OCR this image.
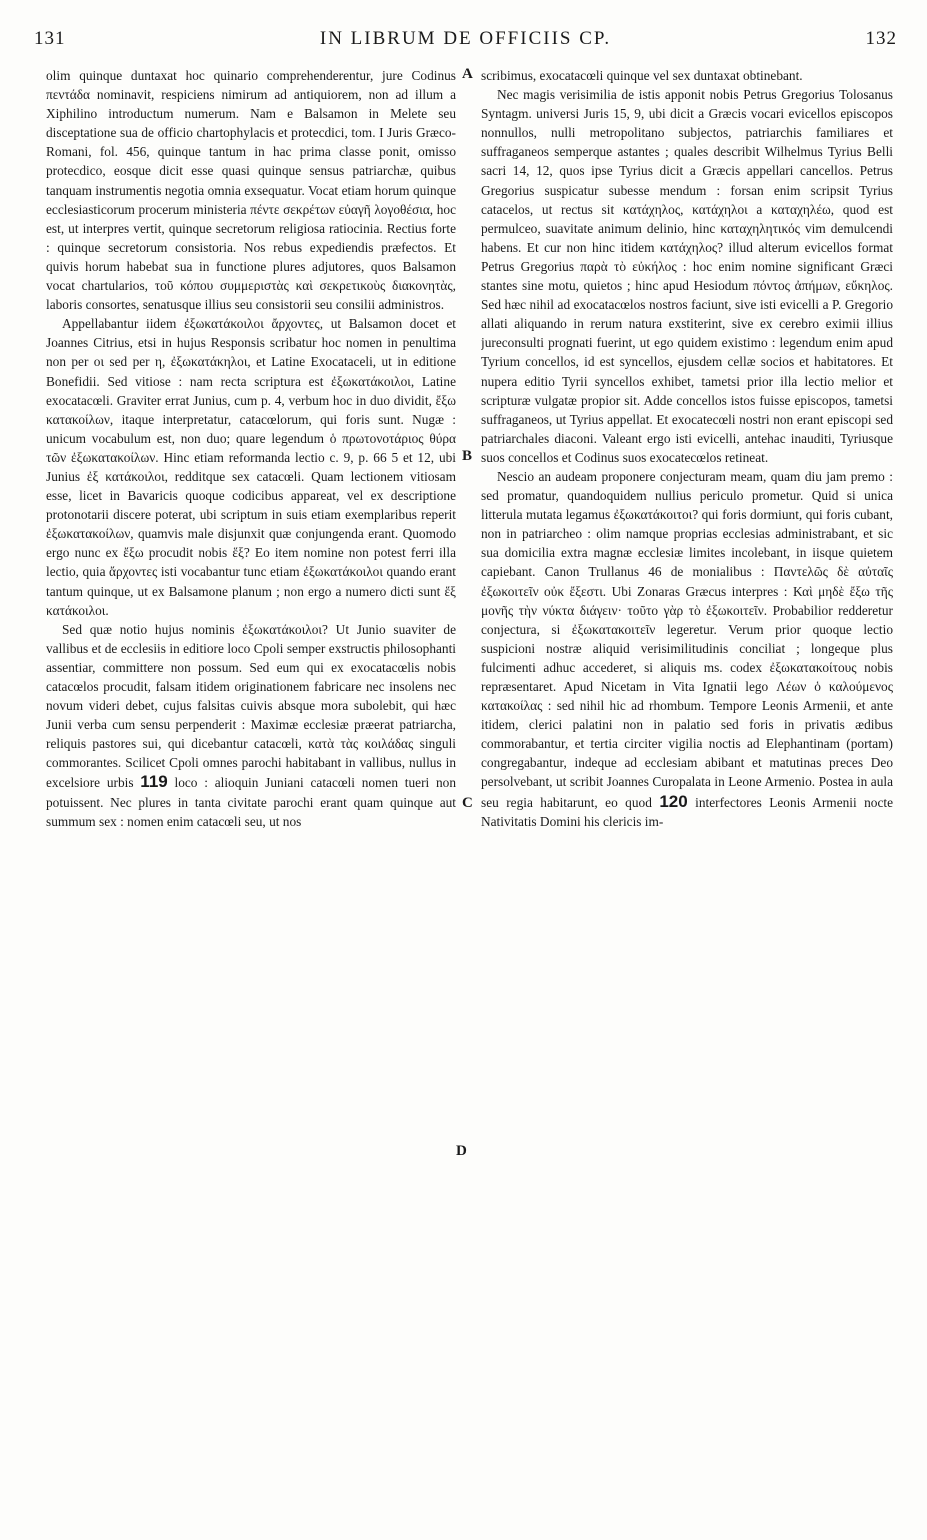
131	IN LIBRUM DE OFFICIIS CP.	132

olim quinque duntaxat hoc quinario comprehenderentur, jure Codinus πεντάδα nominavit, respiciens nimirum ad antiquiorem, non ad illum a Xiphilino introductum numerum. Nam e Balsamon in Melete seu disceptatione sua de officio chartophylacis et protecdici, tom. I Juris Græco-Romani, fol. 456, quinque tantum in hac prima classe ponit, omisso protecdico, eosque dicit esse quasi quinque sensus patriarchæ, quibus tanquam instrumentis negotia omnia exsequatur. Vocat etiam horum quinque ecclesiasticorum procerum ministeria πέντε σεκρέτων εὐαγῆ λογοθέσια, hoc est, ut interpres vertit, quinque secretorum religiosa ratiocinia. Rectius forte : quinque secretorum consistoria. Nos rebus expediendis præfectos. Et quivis horum habebat sua in functione plures adjutores, quos Balsamon vocat chartularios, τοῦ κόπου συμμεριστὰς καὶ σεκρετικοὺς διακονητὰς, laboris consortes, senatusque illius seu consistorii seu consilii administros.

Appellabantur iidem ἐξωκατάκοιλοι ἄρχοντες, ut Balsamon docet et Joannes Citrius, etsi in hujus Responsis scribatur hoc nomen in penultima non per οι sed per η, ἐξωκατάκηλοι, et Latine Exocataceli, ut in editione Bonefidii. Sed vitiose : nam recta scriptura est ἐξωκατάκοιλοι, Latine exocatacœli. Graviter errat Junius, cum p. 4, verbum hoc in duo dividit, ἔξω κατακοίλων, itaque interpretatur, catacœlorum, qui foris sunt. Nugæ : unicum vocabulum est, non duo; quare legendum ὁ πρωτονοτάριος θύρα τῶν ἐξωκατακοίλων. Hinc etiam reformanda lectio c. 9, p. 66 5 et 12, ubi Junius ἐξ κατάκοιλοι, redditque sex catacœli. Quam lectionem vitiosam esse, licet in Bavaricis quoque codicibus appareat, vel ex descriptione protonotarii discere poterat, ubi scriptum in suis etiam exemplaribus reperit ἐξωκατακοίλων, quamvis male disjunxit quæ conjungenda erant. Quomodo ergo nunc ex ἔξω procudit nobis ἕξ? Eo item nomine non potest ferri illa lectio, quia ἄρχοντες isti vocabantur tunc etiam ἐξωκατάκοιλοι quando erant tantum quinque, ut ex Balsamone planum ; non ergo a numero dicti sunt ἕξ κατάκοιλοι.

Sed quæ notio hujus nominis ἐξωκατάκοιλοι? Ut Junio suaviter de vallibus et de ecclesiis in editiore loco Cpoli semper exstructis philosophanti assentiar, committere non possum. Sed eum qui ex exocatacœlis nobis catacœlos procudit, falsam itidem originationem fabricare nec insolens nec novum videri debet, cujus falsitas cuivis absque mora subolebit, qui hæc Junii verba cum sensu perpenderit : Maximæ ecclesiæ præerat patriarcha, reliquis pastores sui, qui dicebantur catacœli, κατὰ τὰς κοιλάδας singuli commorantes. Scilicet Cpoli omnes parochi habitabant in vallibus, nullus in excelsiore urbis 119 loco : alioquin Juniani catacœli nomen tueri non potuissent. Nec plures in tanta civitate parochi erant quam quinque aut summum sex : nomen enim catacœli seu, ut nos

scribimus, exocatacœli quinque vel sex duntaxat obtinebant.

Nec magis verisimilia de istis apponit nobis Petrus Gregorius Tolosanus Syntagm. universi Juris 15, 9, ubi dicit a Græcis vocari evicellos episcopos nonnullos, nulli metropolitano subjectos, patriarchis familiares et suffraganeos semperque astantes ; quales describit Wilhelmus Tyrius Belli sacri 14, 12, quos ipse Tyrius dicit a Græcis appellari cancellos. Petrus Gregorius suspicatur subesse mendum : forsan enim scripsit Tyrius catacelos, ut rectus sit κατάχηλος, κατάχηλοι a καταχηλέω, quod est permulceo, suavitate animum delinio, hinc καταχηλητικός vim demulcendi habens. Et cur non hinc itidem κατάχηλος? illud alterum evicellos format Petrus Gregorius παρὰ τὸ εὐκήλος : hoc enim nomine significant Græci stantes sine motu, quietos ; hinc apud Hesiodum πόντος ἀπήμων, εὔκηλος. Sed hæc nihil ad exocatacœlos nostros faciunt, sive isti evicelli a P. Gregorio allati aliquando in rerum natura exstiterint, sive ex cerebro eximii illius jureconsulti prognati fuerint, ut ego quidem existimo : legendum enim apud Tyrium concellos, id est syncellos, ejusdem cellæ socios et habitatores. Et nupera editio Tyrii syncellos exhibet, tametsi prior illa lectio melior et scripturæ vulgatæ propior sit. Adde concellos istos fuisse episcopos, tametsi suffraganeos, ut Tyrius appellat. Et exocatecœli nostri non erant episcopi sed patriarchales diaconi. Valeant ergo isti evicelli, antehac inauditi, Tyriusque suos concellos et Codinus suos exocatecœlos retineat.

Nescio an audeam proponere conjecturam meam, quam diu jam premo : sed promatur, quandoquidem nullius periculo prometur. Quid si unica litterula mutata legamus ἐξωκατάκοιτοι? qui foris dormiunt, qui foris cubant, non in patriarcheo : olim namque proprias ecclesias administrabant, et sic sua domicilia extra magnæ ecclesiæ limites incolebant, in iisque quietem capiebant. Canon Trullanus 46 de monialibus : Παντελῶς δὲ αὐταῖς ἐξωκοιτεῖν οὐκ ἔξεστι. Ubi Zonaras Græcus interpres : Καὶ μηδὲ ἔξω τῆς μονῆς τὴν νύκτα διάγειν· τοῦτο γὰρ τὸ ἐξωκοιτεῖν. Probabilior redderetur conjectura, si ἐξωκατακοιτεῖν legeretur. Verum prior quoque lectio suspicioni nostræ aliquid verisimilitudinis conciliat ; longeque plus fulcimenti adhuc accederet, si aliquis ms. codex ἐξωκατακοίτους nobis repræsentaret. Apud Nicetam in Vita Ignatii lego Λέων ὁ καλούμενος κατακοίλας : sed nihil hic ad rhombum. Tempore Leonis Armenii, et ante itidem, clerici palatini non in palatio sed foris in privatis ædibus commorabantur, et tertia circiter vigilia noctis ad Elephantinam (portam) congregabantur, indeque ad ecclesiam abibant et matutinas preces Deo persolvebant, ut scribit Joannes Curopalata in Leone Armenio. Postea in aula seu regia habitarunt, eo quod 120 interfectores Leonis Armenii nocte Nativitatis Domini his clericis im-

A
B
C
D
